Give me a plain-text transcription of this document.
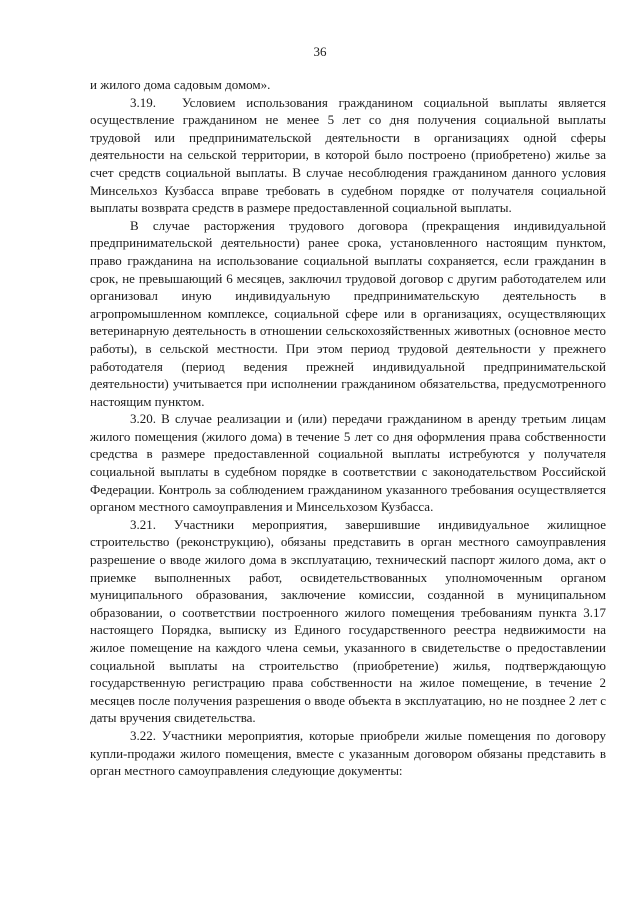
36

и жилого дома садовым домом».

3.19.  Условием использования гражданином социальной выплаты является осуществление гражданином не менее 5 лет со дня получения социальной выплаты трудовой или предпринимательской деятельности в организациях одной сферы деятельности на сельской территории, в которой было построено (приобретено) жилье за счет средств социальной выплаты. В случае несоблюдения гражданином данного условия Минсельхоз Кузбасса вправе требовать в судебном порядке от получателя социальной выплаты возврата средств в размере предоставленной социальной выплаты.

В случае расторжения трудового договора (прекращения индивидуальной предпринимательской деятельности) ранее срока, установленного настоящим пунктом, право гражданина на использование социальной выплаты сохраняется, если гражданин в срок, не превышающий 6 месяцев, заключил трудовой договор с другим работодателем или организовал иную индивидуальную предпринимательскую деятельность в агропромышленном комплексе, социальной сфере или в организациях, осуществляющих ветеринарную деятельность в отношении сельскохозяйственных животных (основное место работы), в сельской местности. При этом период трудовой деятельности у прежнего работодателя (период ведения прежней индивидуальной предпринимательской деятельности) учитывается при исполнении гражданином обязательства, предусмотренного настоящим пунктом.

3.20. В случае реализации и (или) передачи гражданином в аренду третьим лицам жилого помещения (жилого дома) в течение 5 лет со дня оформления права собственности средства в размере предоставленной социальной выплаты истребуются у получателя социальной выплаты в судебном порядке в соответствии с законодательством Российской Федерации. Контроль за соблюдением гражданином указанного требования осуществляется органом местного самоуправления и Минсельхозом Кузбасса.

3.21. Участники мероприятия, завершившие индивидуальное жилищное строительство (реконструкцию), обязаны представить в орган местного самоуправления разрешение о вводе жилого дома в эксплуатацию, технический паспорт жилого дома, акт о приемке выполненных работ, освидетельствованных уполномоченным органом муниципального образования, заключение комиссии, созданной в муниципальном образовании, о соответствии построенного жилого помещения требованиям пункта 3.17 настоящего Порядка, выписку из Единого государственного реестра недвижимости на жилое помещение на каждого члена семьи, указанного в свидетельстве о предоставлении социальной выплаты на строительство (приобретение) жилья, подтверждающую государственную регистрацию права собственности на жилое помещение, в течение 2 месяцев после получения разрешения о вводе объекта в эксплуатацию, но не позднее 2 лет с даты вручения свидетельства.

3.22. Участники мероприятия, которые приобрели жилые помещения по договору купли-продажи жилого помещения, вместе с указанным договором обязаны представить в орган местного самоуправления следующие документы:
